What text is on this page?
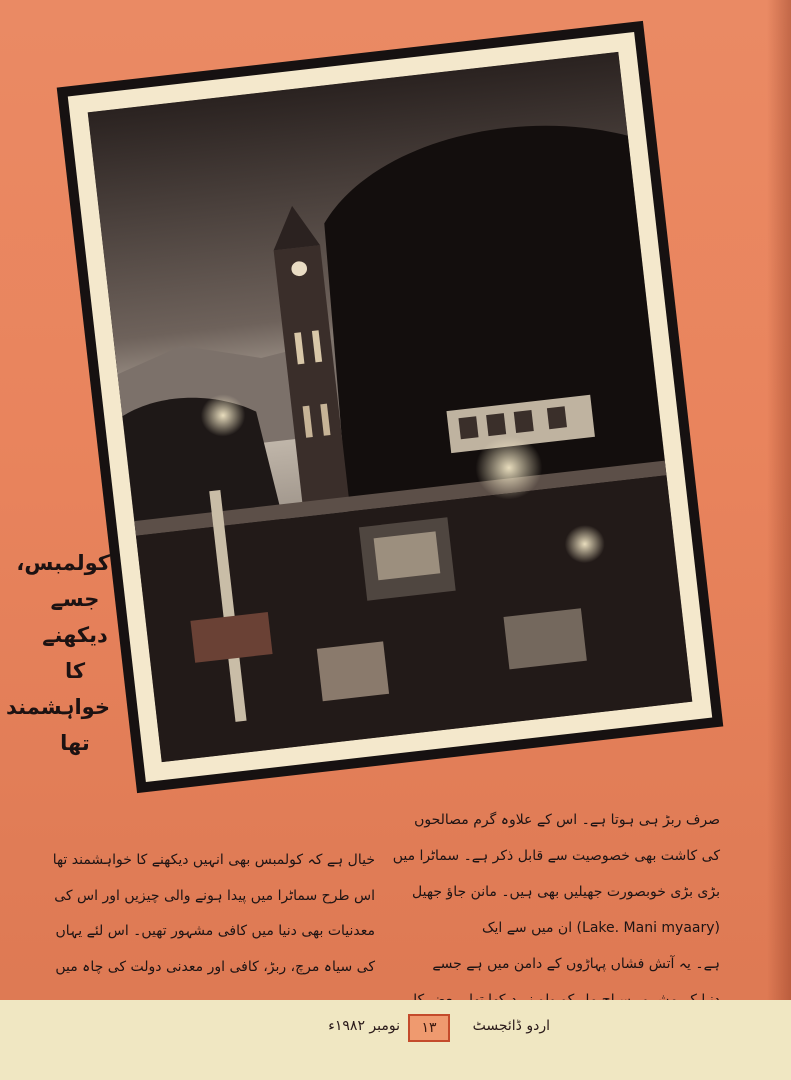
کولمبس،
جسے
دیکھنے
کا
خواہشمند
تھا

صرف ربڑ ہی ہوتا ہے۔ اس کے علاوہ گرم مصالحوں

کی کاشت بھی خصوصیت سے قابل ذکر ہے۔ سماٹرا میں

بڑی بڑی خوبصورت جھیلیں بھی ہیں۔ مانن جاؤ جھیل

(Lake. Mani myaary) ان میں سے ایک

ہے۔ یہ آتش فشاں پہاڑوں کے دامن میں ہے جسے

خیال ہے کہ کولمبس بھی انہیں دیکھنے کا خواہشمند تھا

اس طرح سماٹرا میں پیدا ہونے والی چیزیں اور اس کی

معدنیات بھی دنیا میں کافی مشہور تھیں۔ اس لئے یہاں

کی سیاہ مرچ، ربڑ، کافی اور معدنی دولت کی چاہ میں

اردو ڈائجسٹ
۱۳
نومبر ۱۹۸۲ء
